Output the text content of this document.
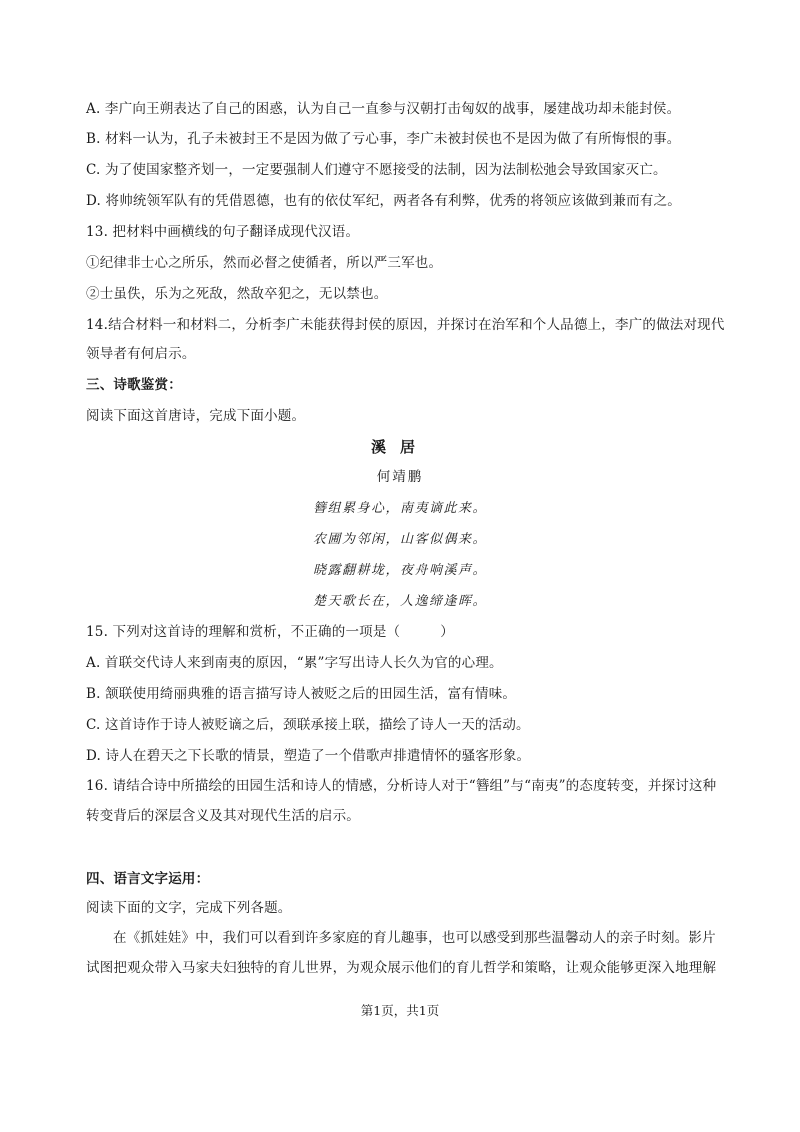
A. 李广向王朔表达了自己的困惑，认为自己一直参与汉朝打击匈奴的战事，屡建战功却未能封侯。
B. 材料一认为，孔子未被封王不是因为做了亏心事，李广未被封侯也不是因为做了有所悔恨的事。
C. 为了使国家整齐划一，一定要强制人们遵守不愿接受的法制，因为法制松弛会导致国家灭亡。
D. 将帅统领军队有的凭借恩德，也有的依仗军纪，两者各有利弊，优秀的将领应该做到兼而有之。
13. 把材料中画横线的句子翻译成现代汉语。
①纪律非士心之所乐，然而必督之使循者，所以严三军也。
②士虽佚，乐为之死敌，然敌卒犯之，无以禁也。
14.结合材料一和材料二，分析李广未能获得封侯的原因，并探讨在治军和个人品德上，李广的做法对现代
领导者有何启示。
三、诗歌鉴赏：
阅读下面这首唐诗，完成下面小题。
溪居
何靖鹏
簪组累身心，南夷谪此来。
农圃为邻闲，山客似偶来。
晓露翻耕垅，夜舟响溪声。
楚天歌长在，人逸缔逢晖。
15. 下列对这首诗的理解和赏析，不正确的一项是（	）
A. 首联交代诗人来到南夷的原因，“累”字写出诗人长久为官的心理。
B. 颔联使用绮丽典雅的语言描写诗人被贬之后的田园生活，富有情味。
C. 这首诗作于诗人被贬谪之后，颈联承接上联，描绘了诗人一天的活动。
D. 诗人在碧天之下长歌的情景，塑造了一个借歌声排遣情怀的骚客形象。
16. 请结合诗中所描绘的田园生活和诗人的情感，分析诗人对于“簪组”与“南夷”的态度转变，并探讨这种
转变背后的深层含义及其对现代生活的启示。
四、语言文字运用：
阅读下面的文字，完成下列各题。
在《抓娃娃》中，我们可以看到许多家庭的育儿趣事，也可以感受到那些温馨动人的亲子时刻。影片
试图把观众带入马家夫妇独特的育儿世界，为观众展示他们的育儿哲学和策略，让观众能够更深入地理解
第1页，共1页
